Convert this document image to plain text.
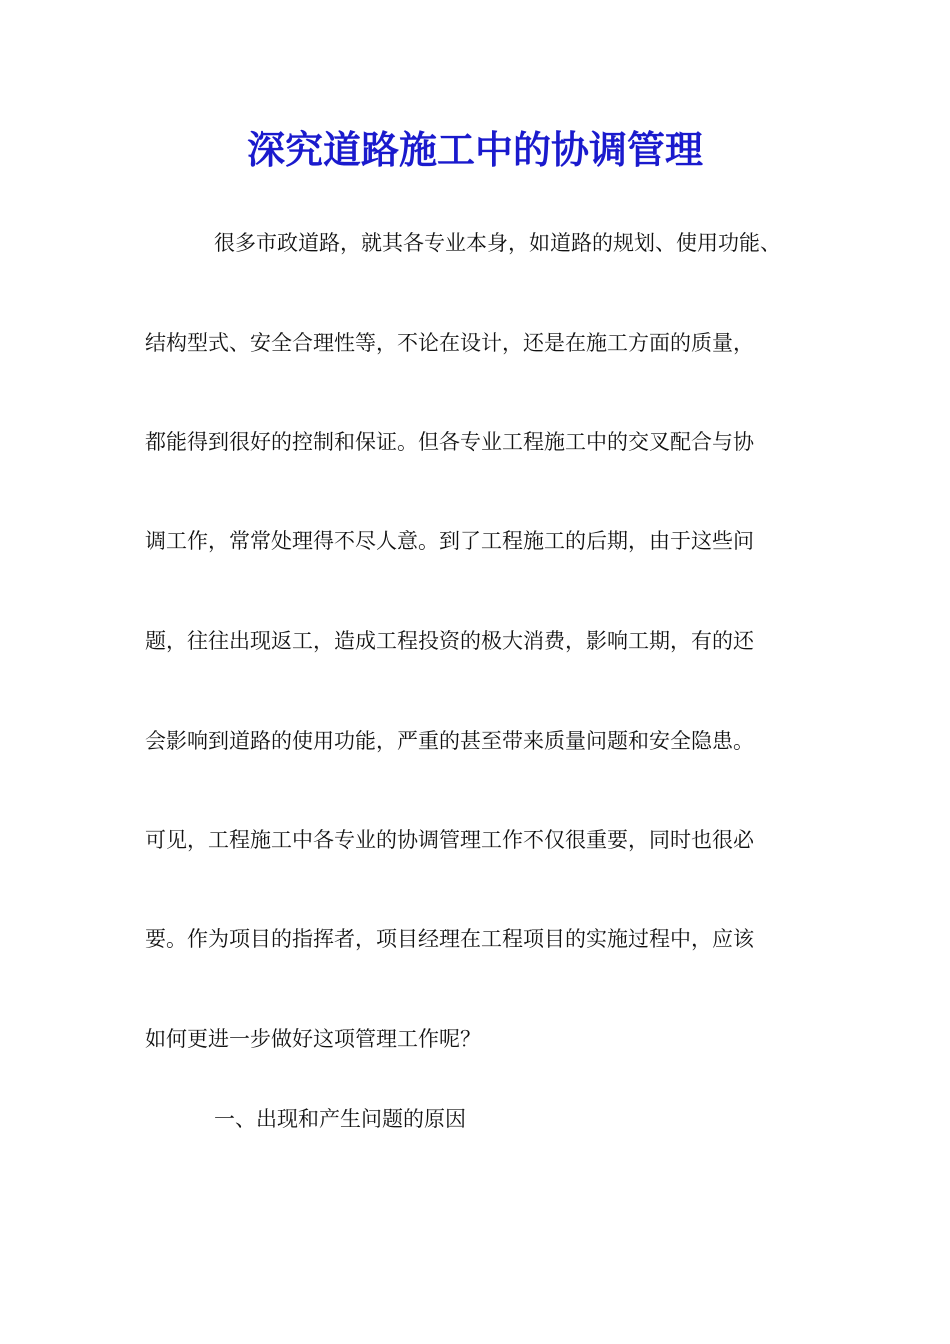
深究道路施工中的协调管理
很多市政道路，就其各专业本身，如道路的规划、使用功能、
结构型式、安全合理性等，不论在设计，还是在施工方面的质量，
都能得到很好的控制和保证。但各专业工程施工中的交叉配合与协
调工作，常常处理得不尽人意。到了工程施工的后期，由于这些问
题，往往出现返工，造成工程投资的极大消费，影响工期，有的还
会影响到道路的使用功能，严重的甚至带来质量问题和安全隐患。
可见，工程施工中各专业的协调管理工作不仅很重要，同时也很必
要。作为项目的指挥者，项目经理在工程项目的实施过程中，应该
如何更进一步做好这项管理工作呢？
一、出现和产生问题的原因
